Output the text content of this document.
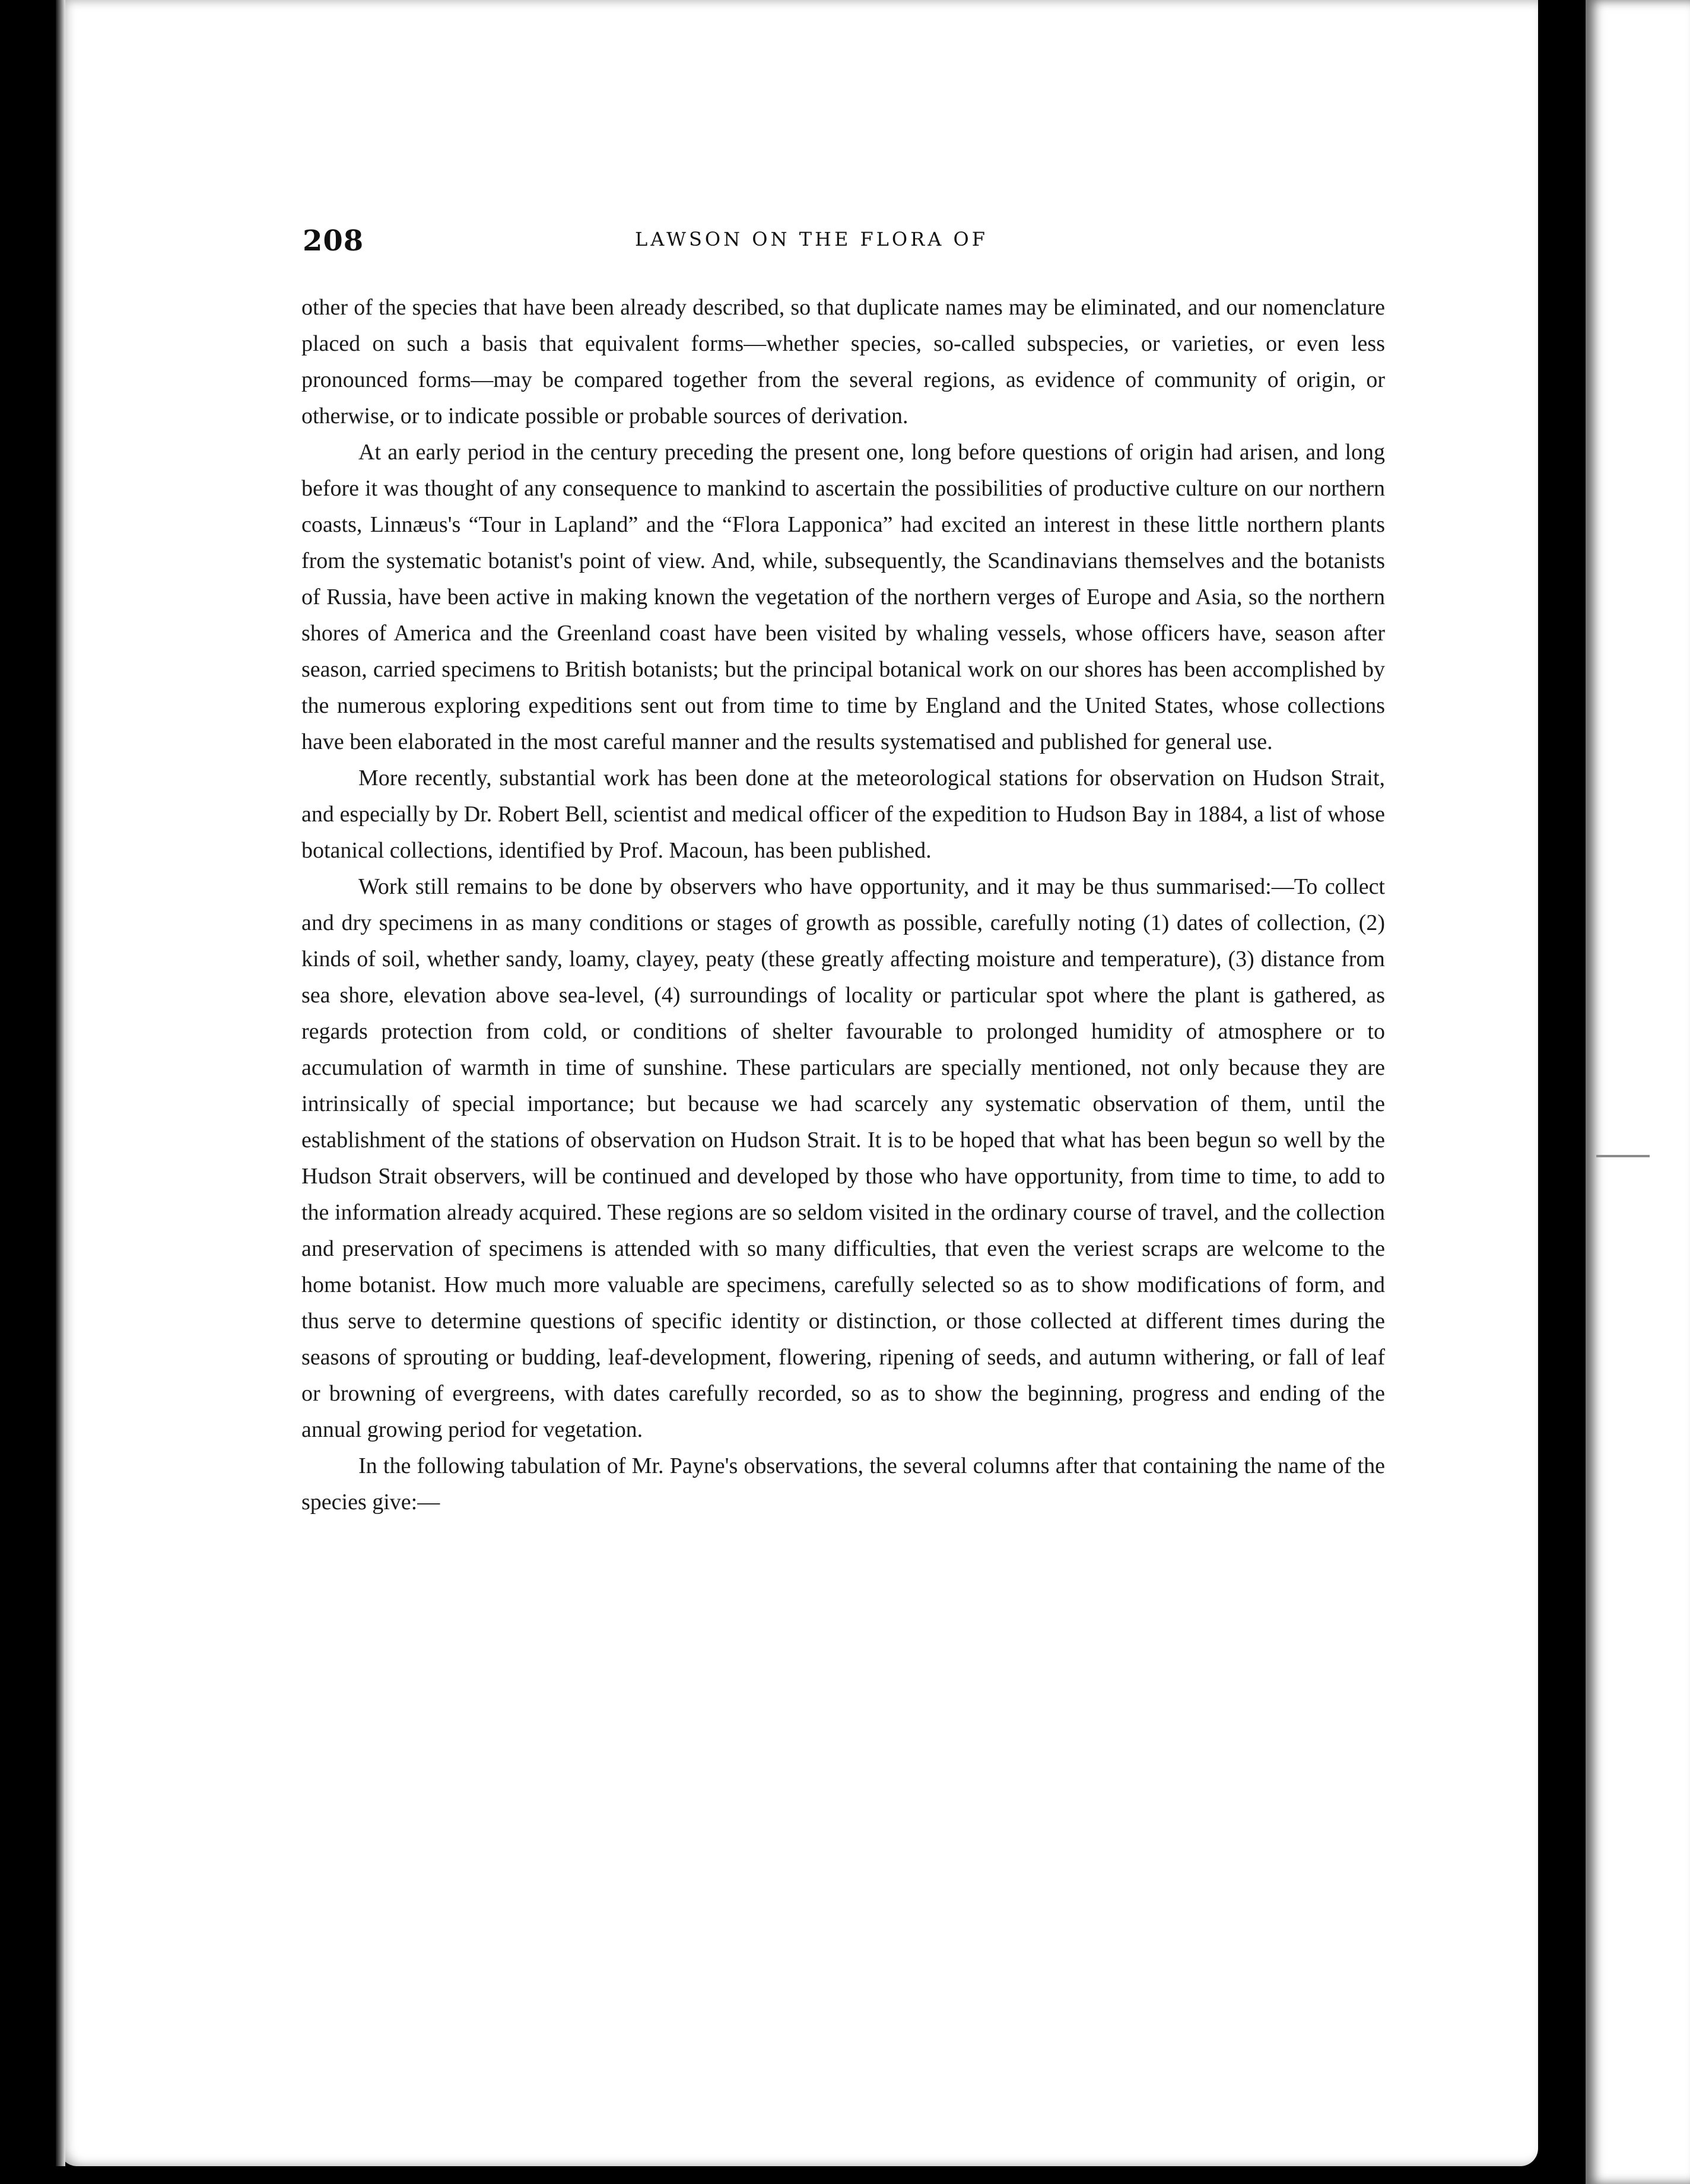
208	LAWSON ON THE FLORA OF

other of the species that have been already described, so that duplicate names may be eliminated, and our nomenclature placed on such a basis that equivalent forms—whether species, so-called subspecies, or varieties, or even less pronounced forms—may be compared together from the several regions, as evidence of community of origin, or otherwise, or to indicate possible or probable sources of derivation.

At an early period in the century preceding the present one, long before questions of origin had arisen, and long before it was thought of any consequence to mankind to ascertain the possibilities of productive culture on our northern coasts, Linnæus's “Tour in Lapland” and the “Flora Lapponica” had excited an interest in these little northern plants from the systematic botanist's point of view. And, while, subsequently, the Scandinavians themselves and the botanists of Russia, have been active in making known the vegetation of the northern verges of Europe and Asia, so the northern shores of America and the Greenland coast have been visited by whaling vessels, whose officers have, season after season, carried specimens to British botanists; but the principal botanical work on our shores has been accomplished by the numerous exploring expeditions sent out from time to time by England and the United States, whose collections have been elaborated in the most careful manner and the results systematised and published for general use.

More recently, substantial work has been done at the meteorological stations for observation on Hudson Strait, and especially by Dr. Robert Bell, scientist and medical officer of the expedition to Hudson Bay in 1884, a list of whose botanical collections, identified by Prof. Macoun, has been published.

Work still remains to be done by observers who have opportunity, and it may be thus summarised:—To collect and dry specimens in as many conditions or stages of growth as possible, carefully noting (1) dates of collection, (2) kinds of soil, whether sandy, loamy, clayey, peaty (these greatly affecting moisture and temperature), (3) distance from sea shore, elevation above sea-level, (4) surroundings of locality or particular spot where the plant is gathered, as regards protection from cold, or conditions of shelter favourable to prolonged humidity of atmosphere or to accumulation of warmth in time of sunshine. These particulars are specially mentioned, not only because they are intrinsically of special importance; but because we had scarcely any systematic observation of them, until the establishment of the stations of observation on Hudson Strait. It is to be hoped that what has been begun so well by the Hudson Strait observers, will be continued and developed by those who have opportunity, from time to time, to add to the information already acquired. These regions are so seldom visited in the ordinary course of travel, and the collection and preservation of specimens is attended with so many difficulties, that even the veriest scraps are welcome to the home botanist. How much more valuable are specimens, carefully selected so as to show modifications of form, and thus serve to determine questions of specific identity or distinction, or those collected at different times during the seasons of sprouting or budding, leaf-development, flowering, ripening of seeds, and autumn withering, or fall of leaf or browning of evergreens, with dates carefully recorded, so as to show the beginning, progress and ending of the annual growing period for vegetation.

In the following tabulation of Mr. Payne's observations, the several columns after that containing the name of the species give:—
